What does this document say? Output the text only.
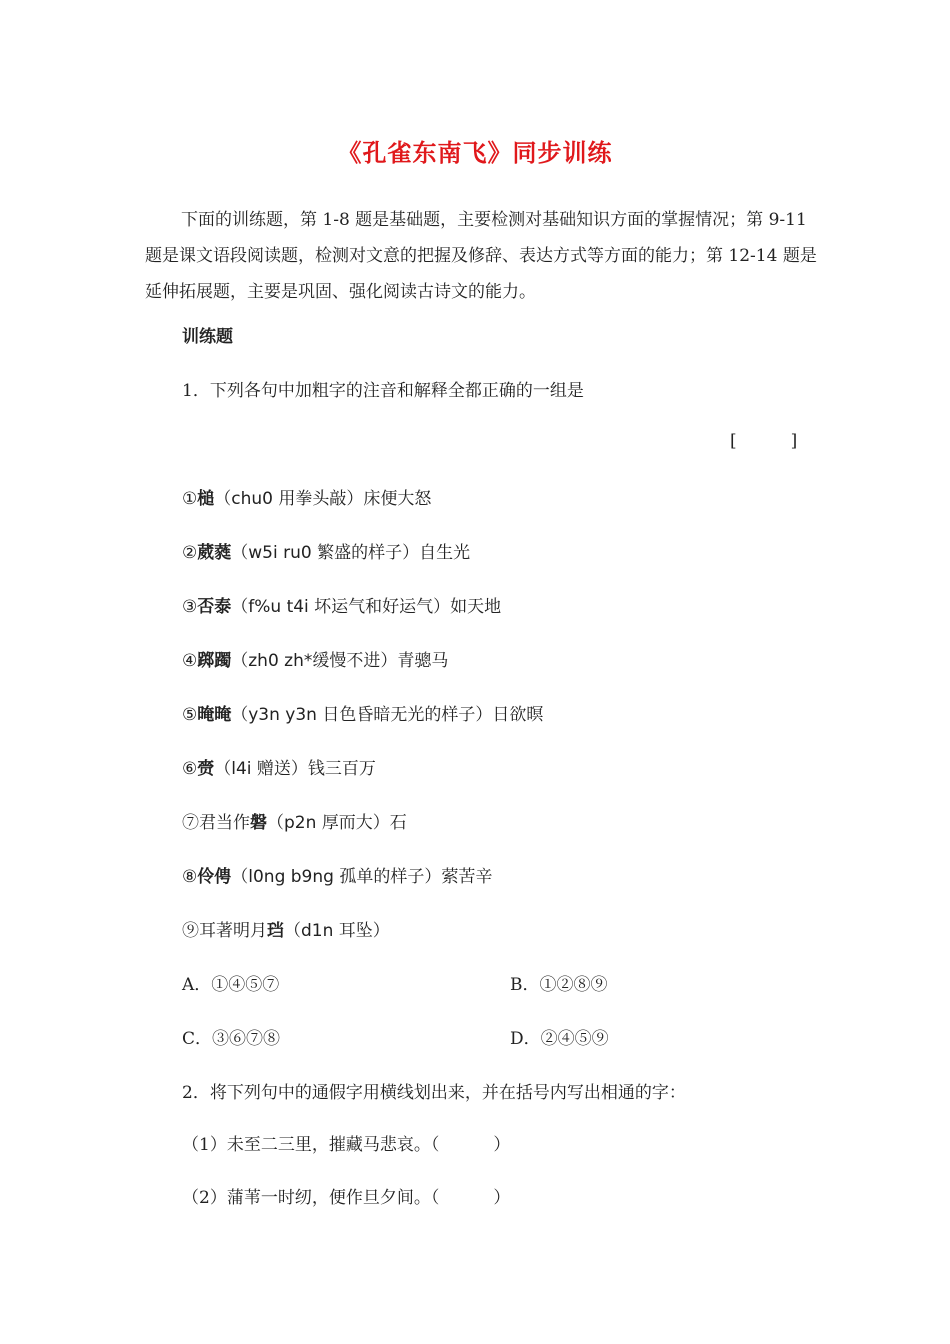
《孔雀东南飞》同步训练
下面的训练题，第 1-8 题是基础题，主要检测对基础知识方面的掌握情况；第 9-11 题是课文语段阅读题，检测对文意的把握及修辞、表达方式等方面的能力；第 12-14 题是延伸拓展题，主要是巩固、强化阅读古诗文的能力。
训练题
1．下列各句中加粗字的注音和解释全都正确的一组是
[          ]
①槌（chu0 用拳头敲）床便大怒
②葳蕤（w5i ru0 繁盛的样子）自生光
③否泰（f%u t4i 坏运气和好运气）如天地
④踯躅（zh0 zh*缓慢不进）青骢马
⑤晻晻（y3n y3n 日色昏暗无光的样子）日欲暝
⑥赍（l4i 赠送）钱三百万
⑦君当作磐（p2n 厚而大）石
⑧伶俜（l0ng b9ng 孤单的样子）萦苦辛
⑨耳著明月珰（d1n 耳坠）
A．①④⑤⑦	B．①②⑧⑨
C．③⑥⑦⑧	D．②④⑤⑨
2．将下列句中的通假字用横线划出来，并在括号内写出相通的字：
（1）未至二三里，摧藏马悲哀。（          ）
（2）蒲苇一时纫，便作旦夕间。（          ）
